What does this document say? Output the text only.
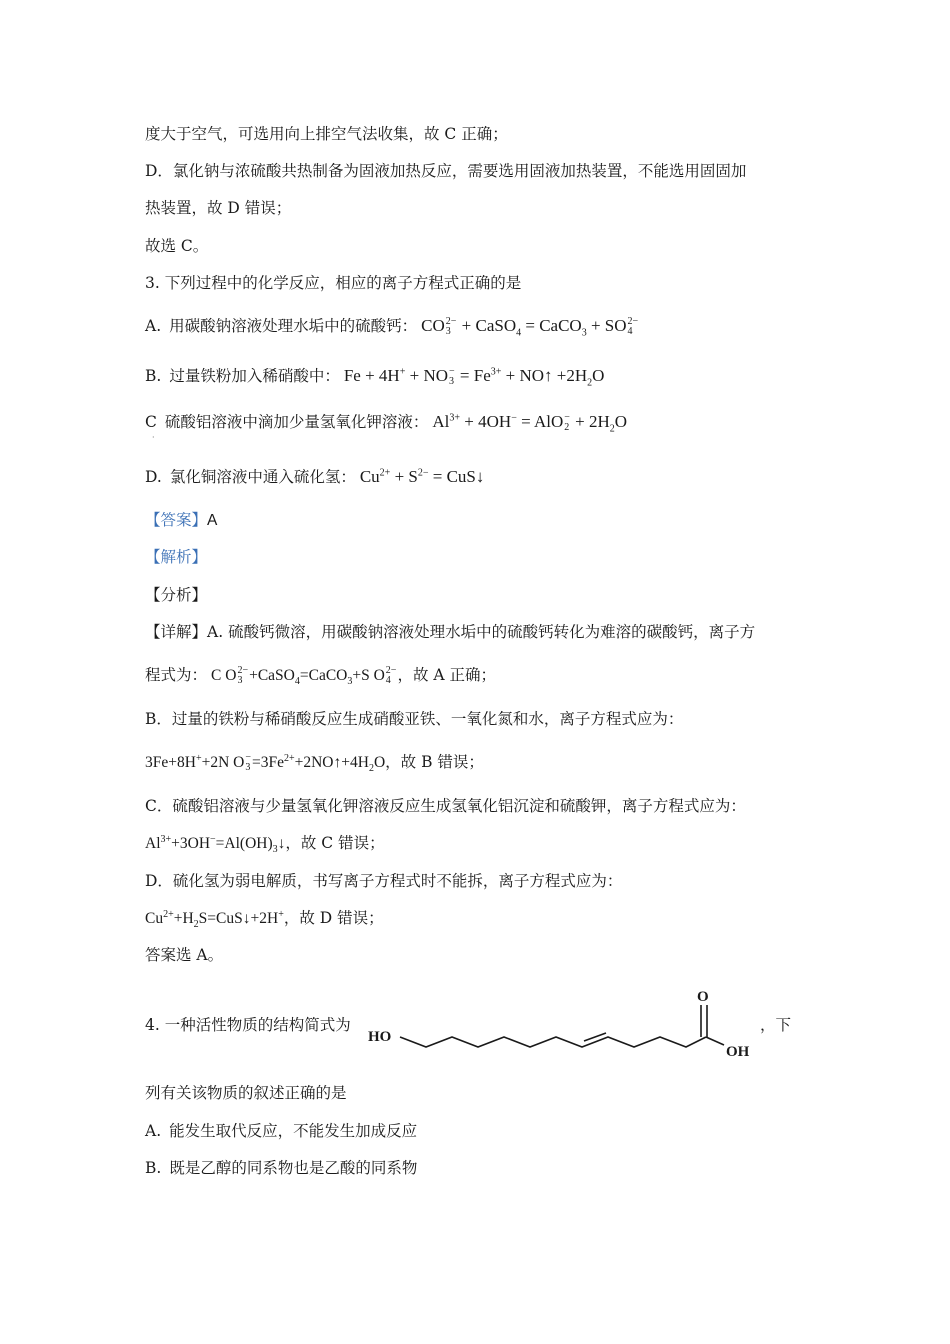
度大于空气，可选用向上排空气法收集，故 C 正确；
D．氯化钠与浓硫酸共热制备为固液加热反应，需要选用固液加热装置，不能选用固固加
热装置，故 D 错误；
故选 C。
3. 下列过程中的化学反应，相应的离子方程式正确的是
A. 用碳酸钠溶液处理水垢中的硫酸钙： CO 2−
3 + CaSO$_4$ = CaCO$_3$ + SO 2−
4
B. 过量铁粉加入稀硝酸中： Fe + 4H+ + NO −
$3 = Fe^{3+}$ + NO↑ $+2H_2O$
C 硫酸铝溶液中滴加少量氢氧化钾溶液： $Al^{3+} + 4OH^-$ = AlO −
$2 + 2H_2O$
·
D. 氯化铜溶液中通入硫化氢： $Cu^{2+} + S^{2-}$ = CuS↓
【答案】A
【解析】
【分析】
【详解】A. 硫酸钙微溶，用碳酸钠溶液处理水垢中的硫酸钙转化为难溶的碳酸钙，离子方
程式为： C O 2−
3 +CaSO$_4$=CaCO$_3$+S O 2−
4 ，故 A 正确；
B．过量的铁粉与稀硝酸反应生成硝酸亚铁、一氧化氮和水，离子方程式应为：
3Fe+8H++2N O −
$3 =3Fe^{2+}+2NO↑+4H_2O$，故 B 错误；
C．硫酸铝溶液与少量氢氧化钾溶液反应生成氢氧化铝沉淀和硫酸钾，离子方程式应为：
$Al^{3+}+3OH^-=Al(OH)_3↓$，故 C 错误；
D．硫化氢为弱电解质，书写离子方程式时不能拆，离子方程式应为：
$Cu^{2+}+H_2S=CuS↓+2H^+$，故 D 错误；
答案选 A。
4. 一种活性物质的结构简式为	，下
HO
O
OH
列有关该物质的叙述正确的是
A. 能发生取代反应，不能发生加成反应
B. 既是乙醇的同系物也是乙酸的同系物
